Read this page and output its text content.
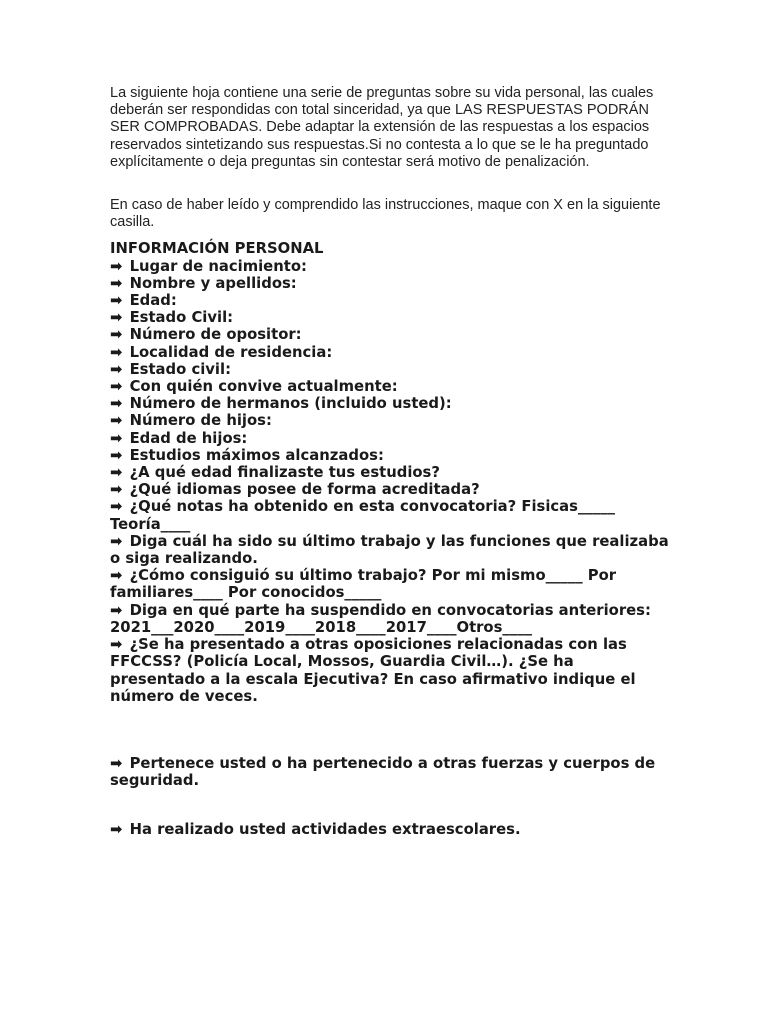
La siguiente hoja contiene una serie de preguntas sobre su vida personal, las cuales deberán ser respondidas con total sinceridad, ya que LAS RESPUESTAS PODRÁN SER COMPROBADAS. Debe adaptar la extensión de las respuestas a los espacios reservados sintetizando sus respuestas.Si no contesta a lo que se le ha preguntado explícitamente o deja preguntas sin contestar será motivo de penalización.

En caso de haber leído y comprendido las instrucciones, maque con X en la siguiente casilla.

INFORMACIÓN PERSONAL
➡ Lugar de nacimiento:
➡ Nombre y apellidos:
➡ Edad:
➡ Estado Civil:
➡ Número de opositor:
➡ Localidad de residencia:
➡ Estado civil:
➡ Con quién convive actualmente:
➡ Número de hermanos (incluido usted):
➡ Número de hijos:
➡ Edad de hijos:
➡ Estudios máximos alcanzados:
➡ ¿A qué edad finalizaste tus estudios?
➡ ¿Qué idiomas posee de forma acreditada?
➡ ¿Qué notas ha obtenido en esta convocatoria? Fisicas_____ Teoría____
➡ Diga cuál ha sido su último trabajo y las funciones que realizaba o siga realizando.
➡ ¿Cómo consiguió su último trabajo? Por mi mismo_____ Por familiares____ Por conocidos_____
➡ Diga en qué parte ha suspendido en convocatorias anteriores: 2021___2020____2019____2018____2017____Otros____
➡ ¿Se ha presentado a otras oposiciones relacionadas con las FFCCSS? (Policía Local, Mossos, Guardia Civil…). ¿Se ha presentado a la escala Ejecutiva? En caso afirmativo indique el número de veces.
➡ Pertenece usted o ha pertenecido a otras fuerzas y cuerpos de seguridad.
➡ Ha realizado usted actividades extraescolares.
